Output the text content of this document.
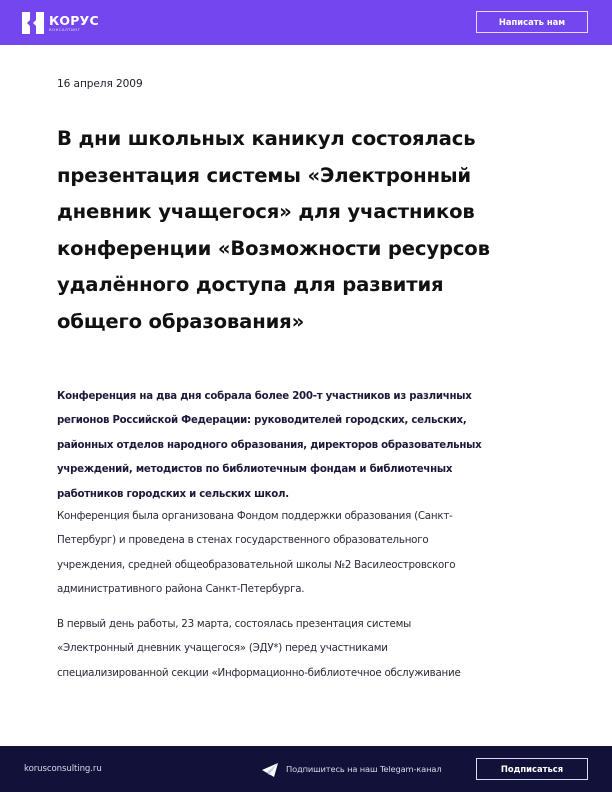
КОРУС
КОНСАЛТИНГ
Написать нам
16 апреля 2009
В дни школьных каникул состоялась
презентация системы «Электронный
дневник учащегося» для участников
конференции «Возможности ресурсов
удалённого доступа для развития
общего образования»
Конференция на два дня собрала более 200-т участников из различных
регионов Российской Федерации: руководителей городских, сельских,
районных отделов народного образования, директоров образовательных
учреждений, методистов по библиотечным фондам и библиотечных
работников городских и сельских школ.
Конференция была организована Фондом поддержки образования (Санкт-
Петербург) и проведена в стенах государственного образовательного
учреждения, средней общеобразовательной школы №2 Василеостровского
административного района Санкт-Петербурга.
В первый день работы, 23 марта, состоялась презентация системы
«Электронный дневник учащегося» (ЭДУ*) перед участниками
специализированной секции «Информационно-библиотечное обслуживание
korusconsulting.ru	Подпишитесь на наш Telegam-канал	Подписаться
